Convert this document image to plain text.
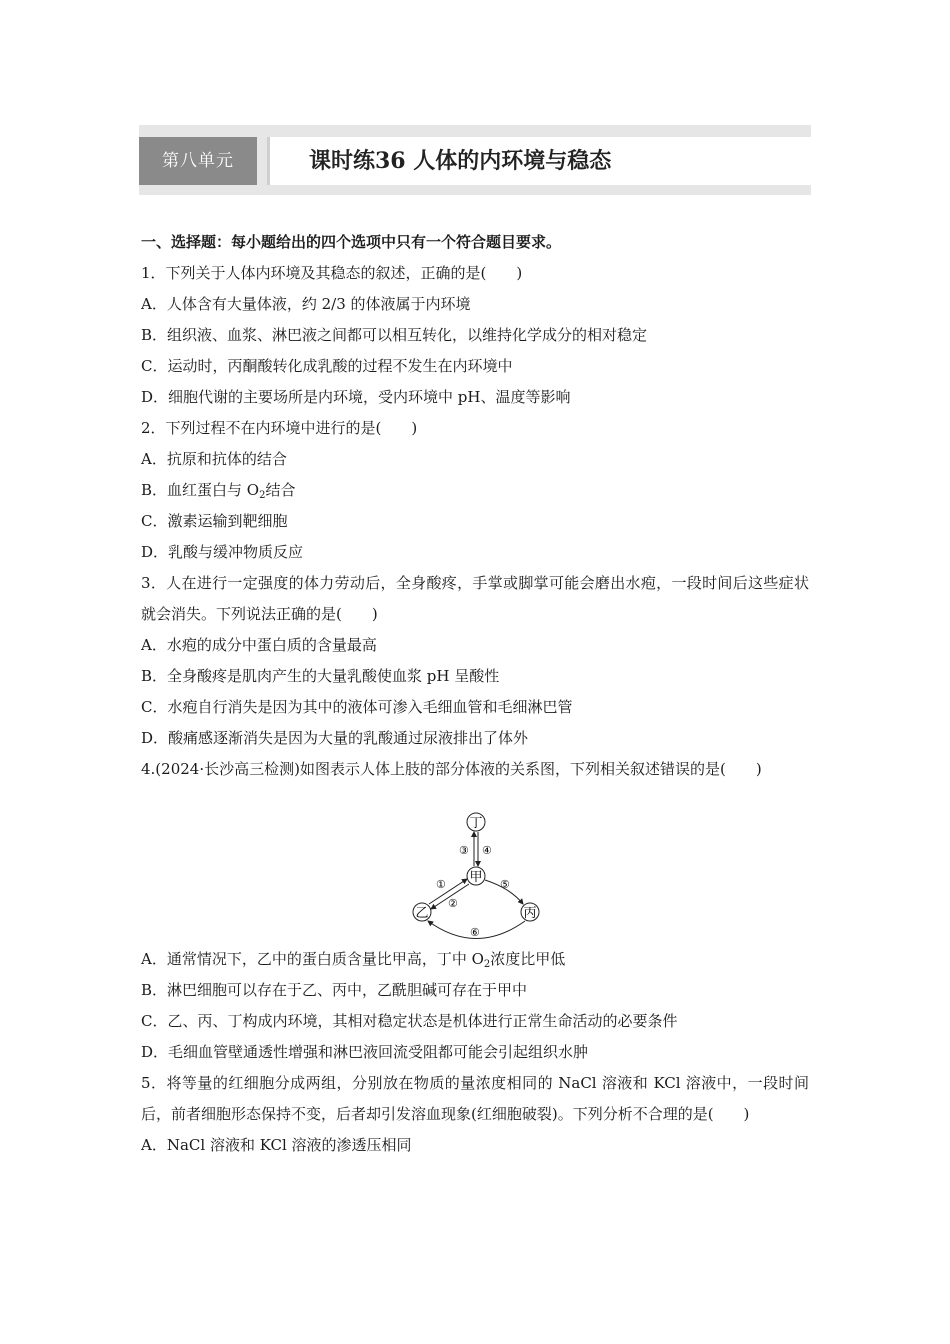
第八单元	课时练36 人体的内环境与稳态
一、选择题：每小题给出的四个选项中只有一个符合题目要求。
1．下列关于人体内环境及其稳态的叙述，正确的是(　　)
A．人体含有大量体液，约 2/3 的体液属于内环境
B．组织液、血浆、淋巴液之间都可以相互转化，以维持化学成分的相对稳定
C．运动时，丙酮酸转化成乳酸的过程不发生在内环境中
D．细胞代谢的主要场所是内环境，受内环境中 pH、温度等影响
2．下列过程不在内环境中进行的是(　　)
A．抗原和抗体的结合
B．血红蛋白与 $O_2$结合
C．激素运输到靶细胞
D．乳酸与缓冲物质反应
3．人在进行一定强度的体力劳动后，全身酸疼，手掌或脚掌可能会磨出水疱，一段时间后这些症状就会消失。下列说法正确的是(　　)
A．水疱的成分中蛋白质的含量最高
B．全身酸疼是肌肉产生的大量乳酸使血浆 pH 呈酸性
C．水疱自行消失是因为其中的液体可渗入毛细血管和毛细淋巴管
D．酸痛感逐渐消失是因为大量的乳酸通过尿液排出了体外
4.(2024·长沙高三检测)如图表示人体上肢的部分体液的关系图，下列相关叙述错误的是(　　)
A．通常情况下，乙中的蛋白质含量比甲高，丁中 $O_2$浓度比甲低
B．淋巴细胞可以存在于乙、丙中，乙酰胆碱可存在于甲中
C．乙、丙、丁构成内环境，其相对稳定状态是机体进行正常生命活动的必要条件
D．毛细血管壁通透性增强和淋巴液回流受阻都可能会引起组织水肿
5．将等量的红细胞分成两组，分别放在物质的量浓度相同的 NaCl 溶液和 KCl 溶液中，一段时间后，前者细胞形态保持不变，后者却引发溶血现象(红细胞破裂)。下列分析不合理的是(　　)
A．NaCl 溶液和 KCl 溶液的渗透压相同
丁
甲
乙	丙
③ ④
①
②
⑤
⑥
